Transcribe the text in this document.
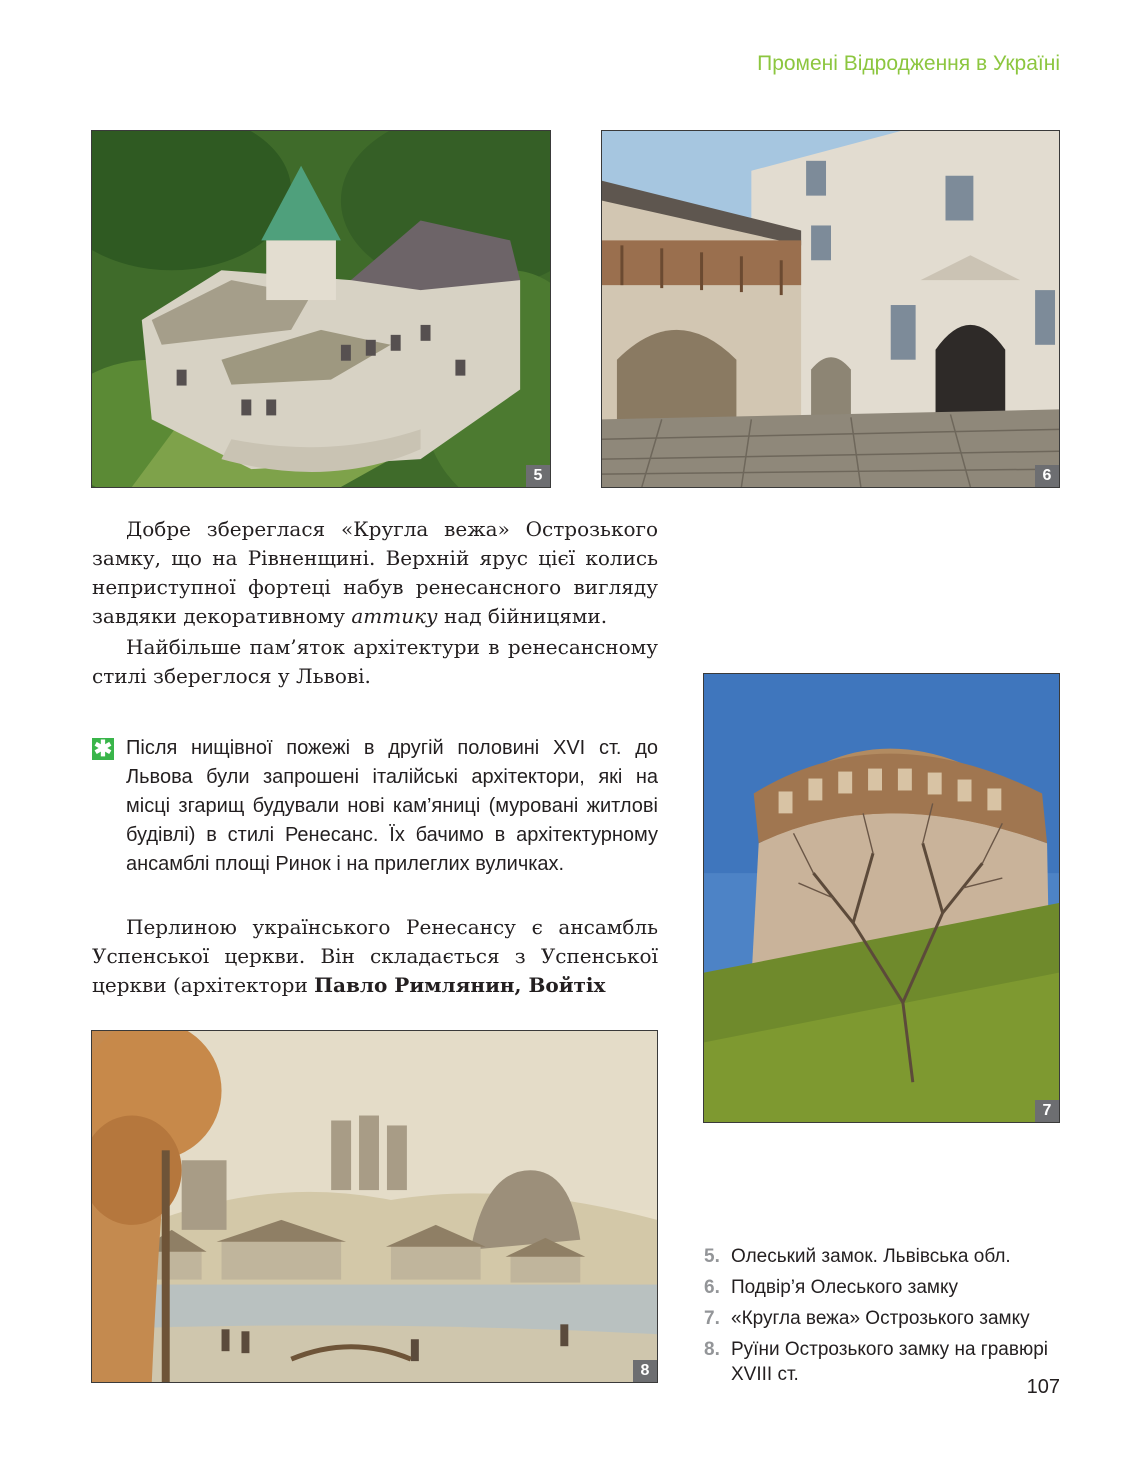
Промені Відродження в Україні
5	6

Добре збереглася «Кругла вежа» Острозького замку, що на Рівненщині. Верхній ярус цієї колись неприступної фортеці набув ренесансного вигляду завдяки декоративному аттику над бійницями.

Найбільше пам’яток архітектури в ренесансному стилі збереглося у Львові.

✱ Після нищівної пожежі в другій половині XVI ст. до Львова були запрошені італійські архітектори, які на місці згарищ будували нові кам’яниці (муровані житлові будівлі) в стилі Ренесанс. Їх бачимо в архітектурному ансамблі площі Ринок і на прилеглих вуличках.

Перлиною українського Ренесансу є ансамбль Успенської церкви. Він складається з Успенської церкви (архітектори Павло Римлянин, Войтіх

7
8
5. Олеський замок. Львівська обл.
6. Подвір’я Олеського замку
7. «Кругла вежа» Острозького замку
8. Руїни Острозького замку на гравюрі XVIII ст.
107
